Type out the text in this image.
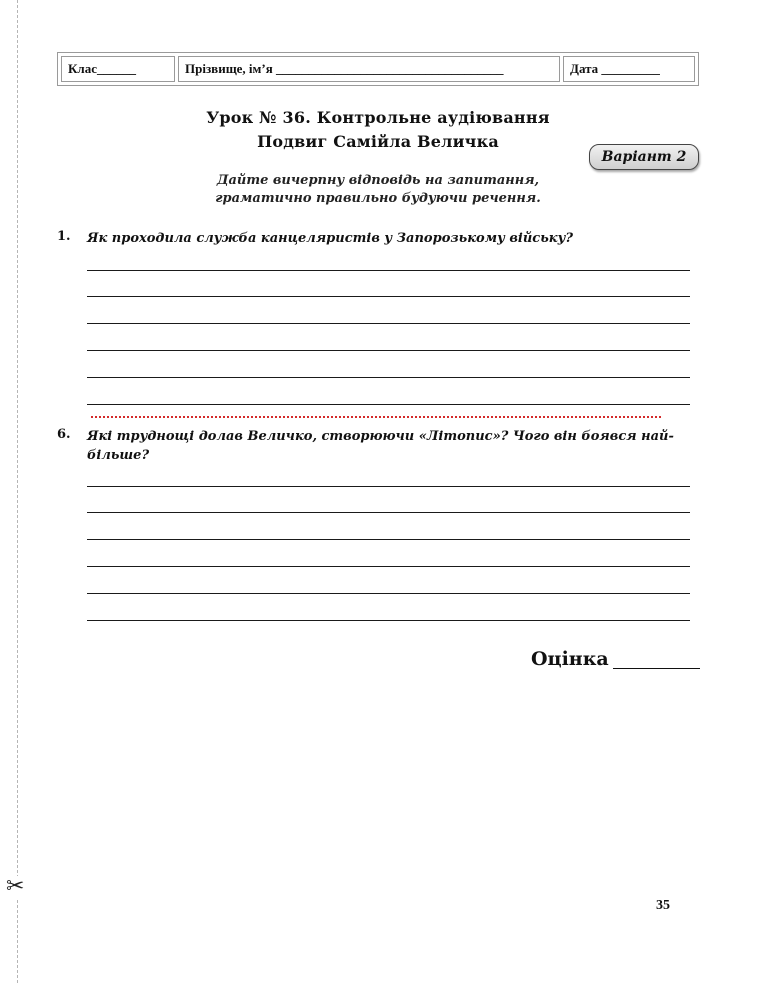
✂
Клас______	Прізвище, ім’я ___________________________________	Дата _________
Урок № 36. Контрольне аудіювання
Подвиг Самійла Величка
Варіант 2
Дайте вичерпну відповідь на запитання,
граматично правильно будуючи речення.
1. Як проходила служба канцеляристів у Запорозькому війську?
6. Які труднощі долав Величко, створюючи «Літопис»? Чого він боявся най-більше?
Оцінка
35
